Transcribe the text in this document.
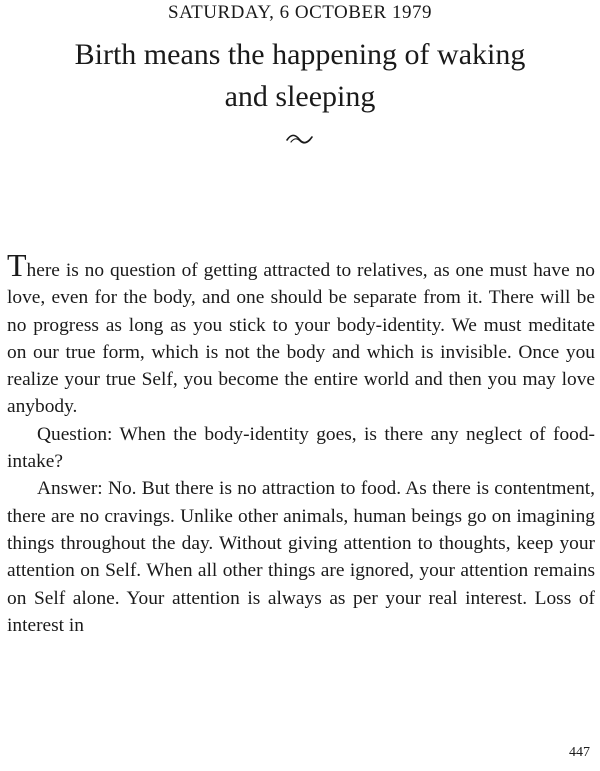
SATURDAY, 6 OCTOBER 1979
Birth means the happening of waking and sleeping

There is no question of getting attracted to relatives, as one must have no love, even for the body, and one should be separate from it. There will be no progress as long as you stick to your body-identity. We must meditate on our true form, which is not the body and which is invisible. Once you realize your true Self, you become the entire world and then you may love anybody.

Question: When the body-identity goes, is there any neglect of food-intake?

Answer: No. But there is no attraction to food. As there is contentment, there are no cravings. Unlike other animals, human beings go on imagining things throughout the day. Without giving attention to thoughts, keep your attention on Self. When all other things are ignored, your attention remains on Self alone. Your attention is always as per your real interest. Loss of interest in

447
